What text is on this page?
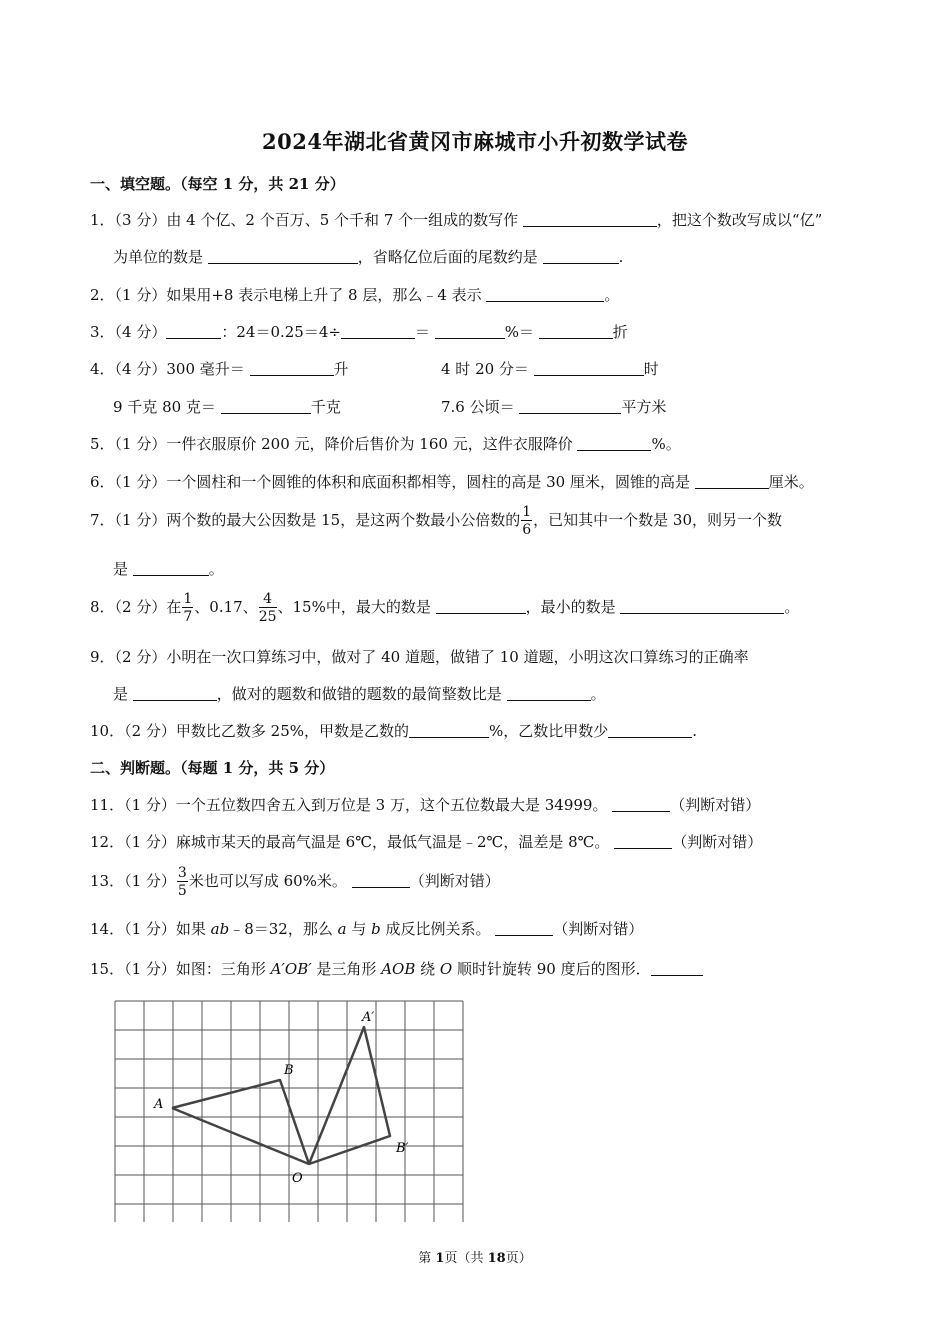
2024年湖北省黄冈市麻城市小升初数学试卷
一、填空题。（每空 1 分，共 21 分）
1．（3 分）由 4 个亿、2 个百万、5 个千和 7 个一组成的数写作	，把这个数改写成以“亿”
为单位的数是	，省略亿位后面的尾数约是	.
2．（1 分）如果用+8 表示电梯上升了 8 层，那么﹣4 表示	。
3．（4 分）	：24＝0.25＝4÷	＝	%＝	折
4．（4 分）300 毫升＝	升	4 时 20 分＝	时
9 千克 80 克＝	千克	7.6 公顷＝	平方米
5．（1 分）一件衣服原价 200 元，降价后售价为 160 元，这件衣服降价	%。
6．（1 分）一个圆柱和一个圆锥的体积和底面积都相等，圆柱的高是 30 厘米，圆锥的高是	厘米。
7．（1 分）两个数的最大公因数是 15，是这两个数最小公倍数的 $\frac{1}{6}$ ，已知其中一个数是 30，则另一个数
是	。
8．（2 分）在 $\frac{1}{7}$ 、0.17、 $\frac{4}{25}$ 、15%中，最大的数是	，最小的数是	。
9．（2 分）小明在一次口算练习中，做对了 40 道题，做错了 10 道题，小明这次口算练习的正确率
是	，做对的题数和做错的题数的最简整数比是	。
10．（2 分）甲数比乙数多 25%，甲数是乙数的	%，乙数比甲数少	.
二、判断题。（每题 1 分，共 5 分）
11．（1 分）一个五位数四舍五入到万位是 3 万，这个五位数最大是 34999。	（判断对错）
12．（1 分）麻城市某天的最高气温是 6℃，最低气温是﹣2℃，温差是 8℃。	（判断对错）
13．（1 分） $\frac{3}{5}$ 米也可以写成 60%米。	（判断对错）
14．（1 分）如果 ab﹣8＝32，那么 a 与 b 成反比例关系。	（判断对错）
15．（1 分）如图：三角形 A′OB′ 是三角形 AOB 绕 O 顺时针旋转 90 度后的图形．
A
B
O
A′
B′
第 1页（共 18页）
